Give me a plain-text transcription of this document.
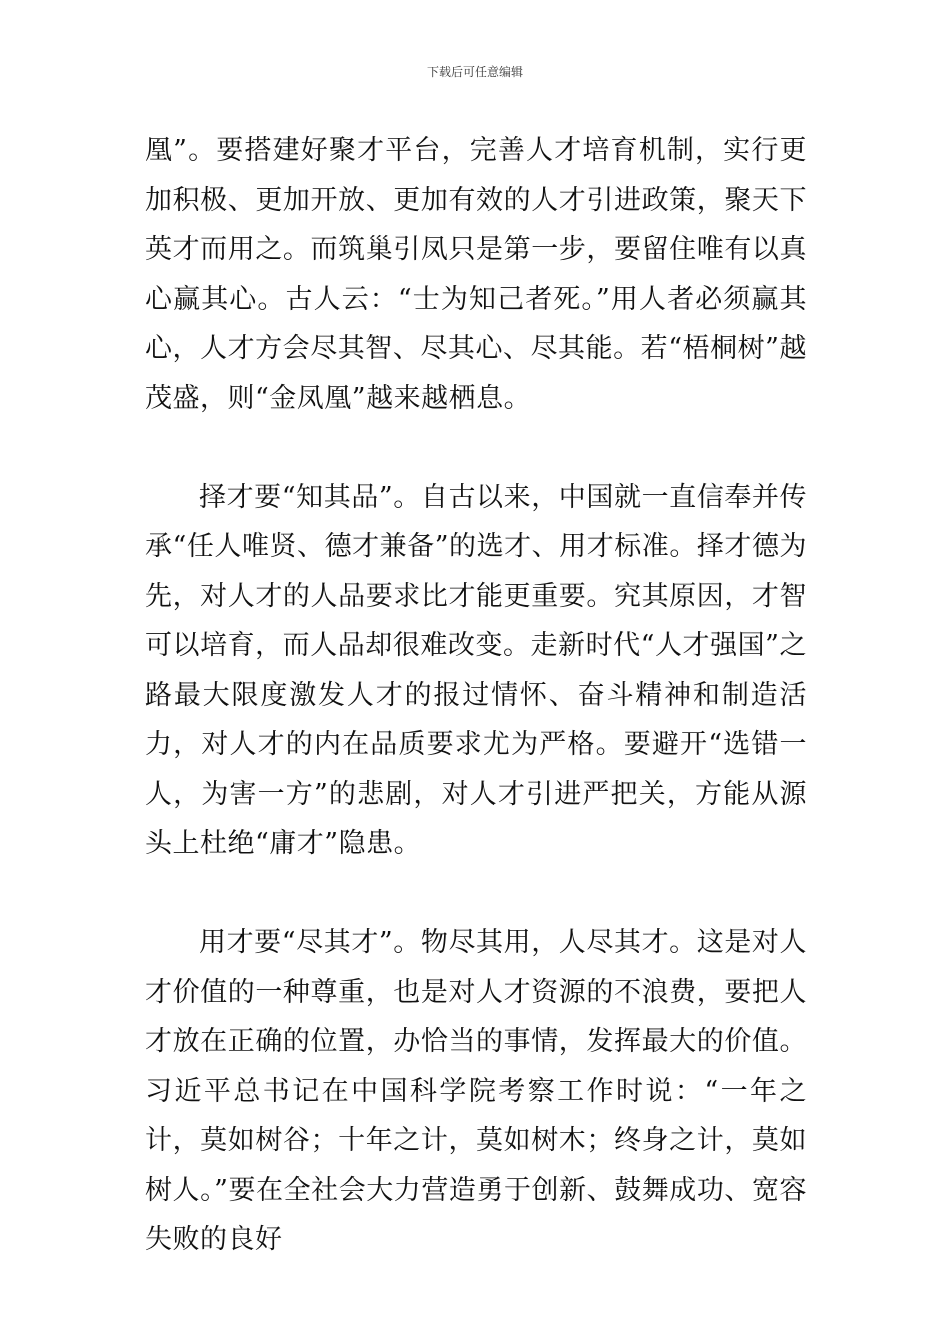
下载后可任意编辑

凰”。要搭建好聚才平台，完善人才培育机制，实行更加积极、更加开放、更加有效的人才引进政策，聚天下英才而用之。而筑巢引凤只是第一步，要留住唯有以真心赢其心。古人云：“士为知己者死。”用人者必须赢其心，人才方会尽其智、尽其心、尽其能。若“梧桐树”越茂盛，则“金凤凰”越来越栖息。

择才要“知其品”。自古以来，中国就一直信奉并传承“任人唯贤、德才兼备”的选才、用才标准。择才德为先，对人才的人品要求比才能更重要。究其原因，才智可以培育，而人品却很难改变。走新时代“人才强国”之路最大限度激发人才的报过情怀、奋斗精神和制造活力，对人才的内在品质要求尤为严格。要避开“选错一人，为害一方”的悲剧，对人才引进严把关，方能从源头上杜绝“庸才”隐患。

用才要“尽其才”。物尽其用，人尽其才。这是对人才价值的一种尊重，也是对人才资源的不浪费，要把人才放在正确的位置，办恰当的事情，发挥最大的价值。习近平总书记在中国科学院考察工作时说：“一年之计，莫如树谷；十年之计，莫如树木；终身之计，莫如树人。”要在全社会大力营造勇于创新、鼓舞成功、宽容失败的良好
